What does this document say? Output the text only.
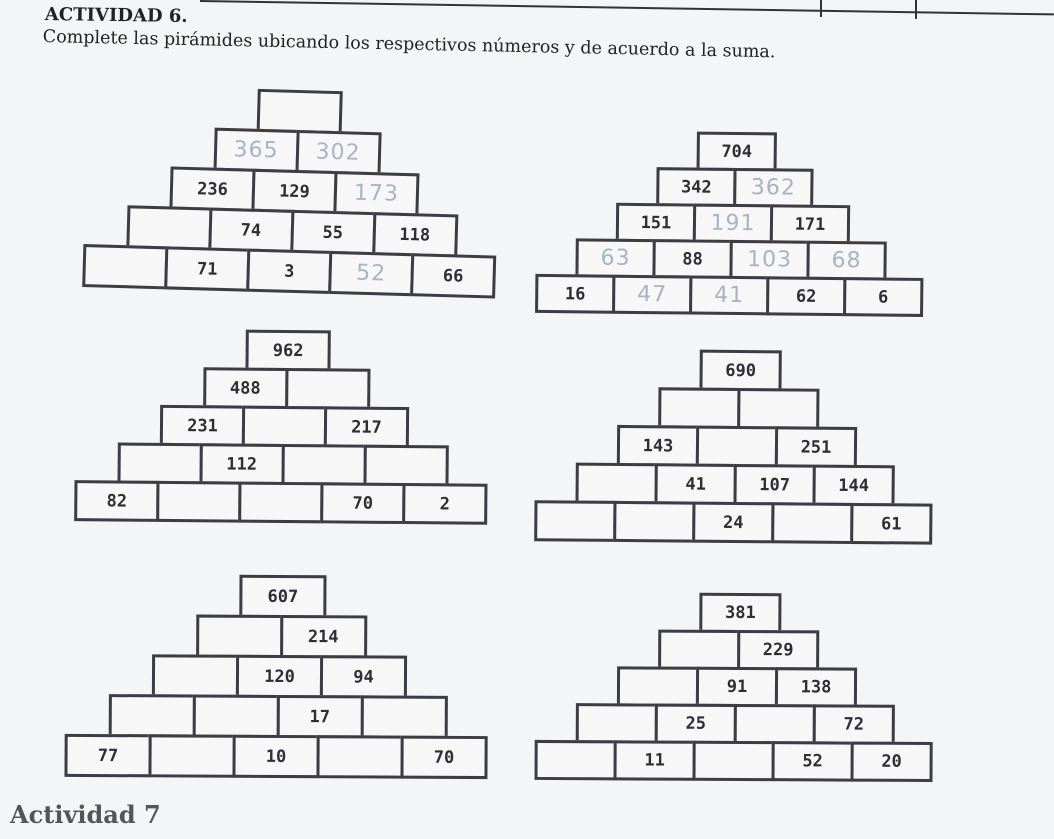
ACTIVIDAD 6.

Complete las pirámides ubicando los respectivos números y de acuerdo a la suma.

365	302
236	129	173
74	55	118
71	3	52	66
704
342	362
151	191	171
63	88	103	68
16	47	41	62	6
962
488
231	217
112
82	70	2
690
143	251
41	107	144
24	61
607
214
120	94
17
77	10	70
381
229
91	138
25	72
11	52	20

Actividad 7
